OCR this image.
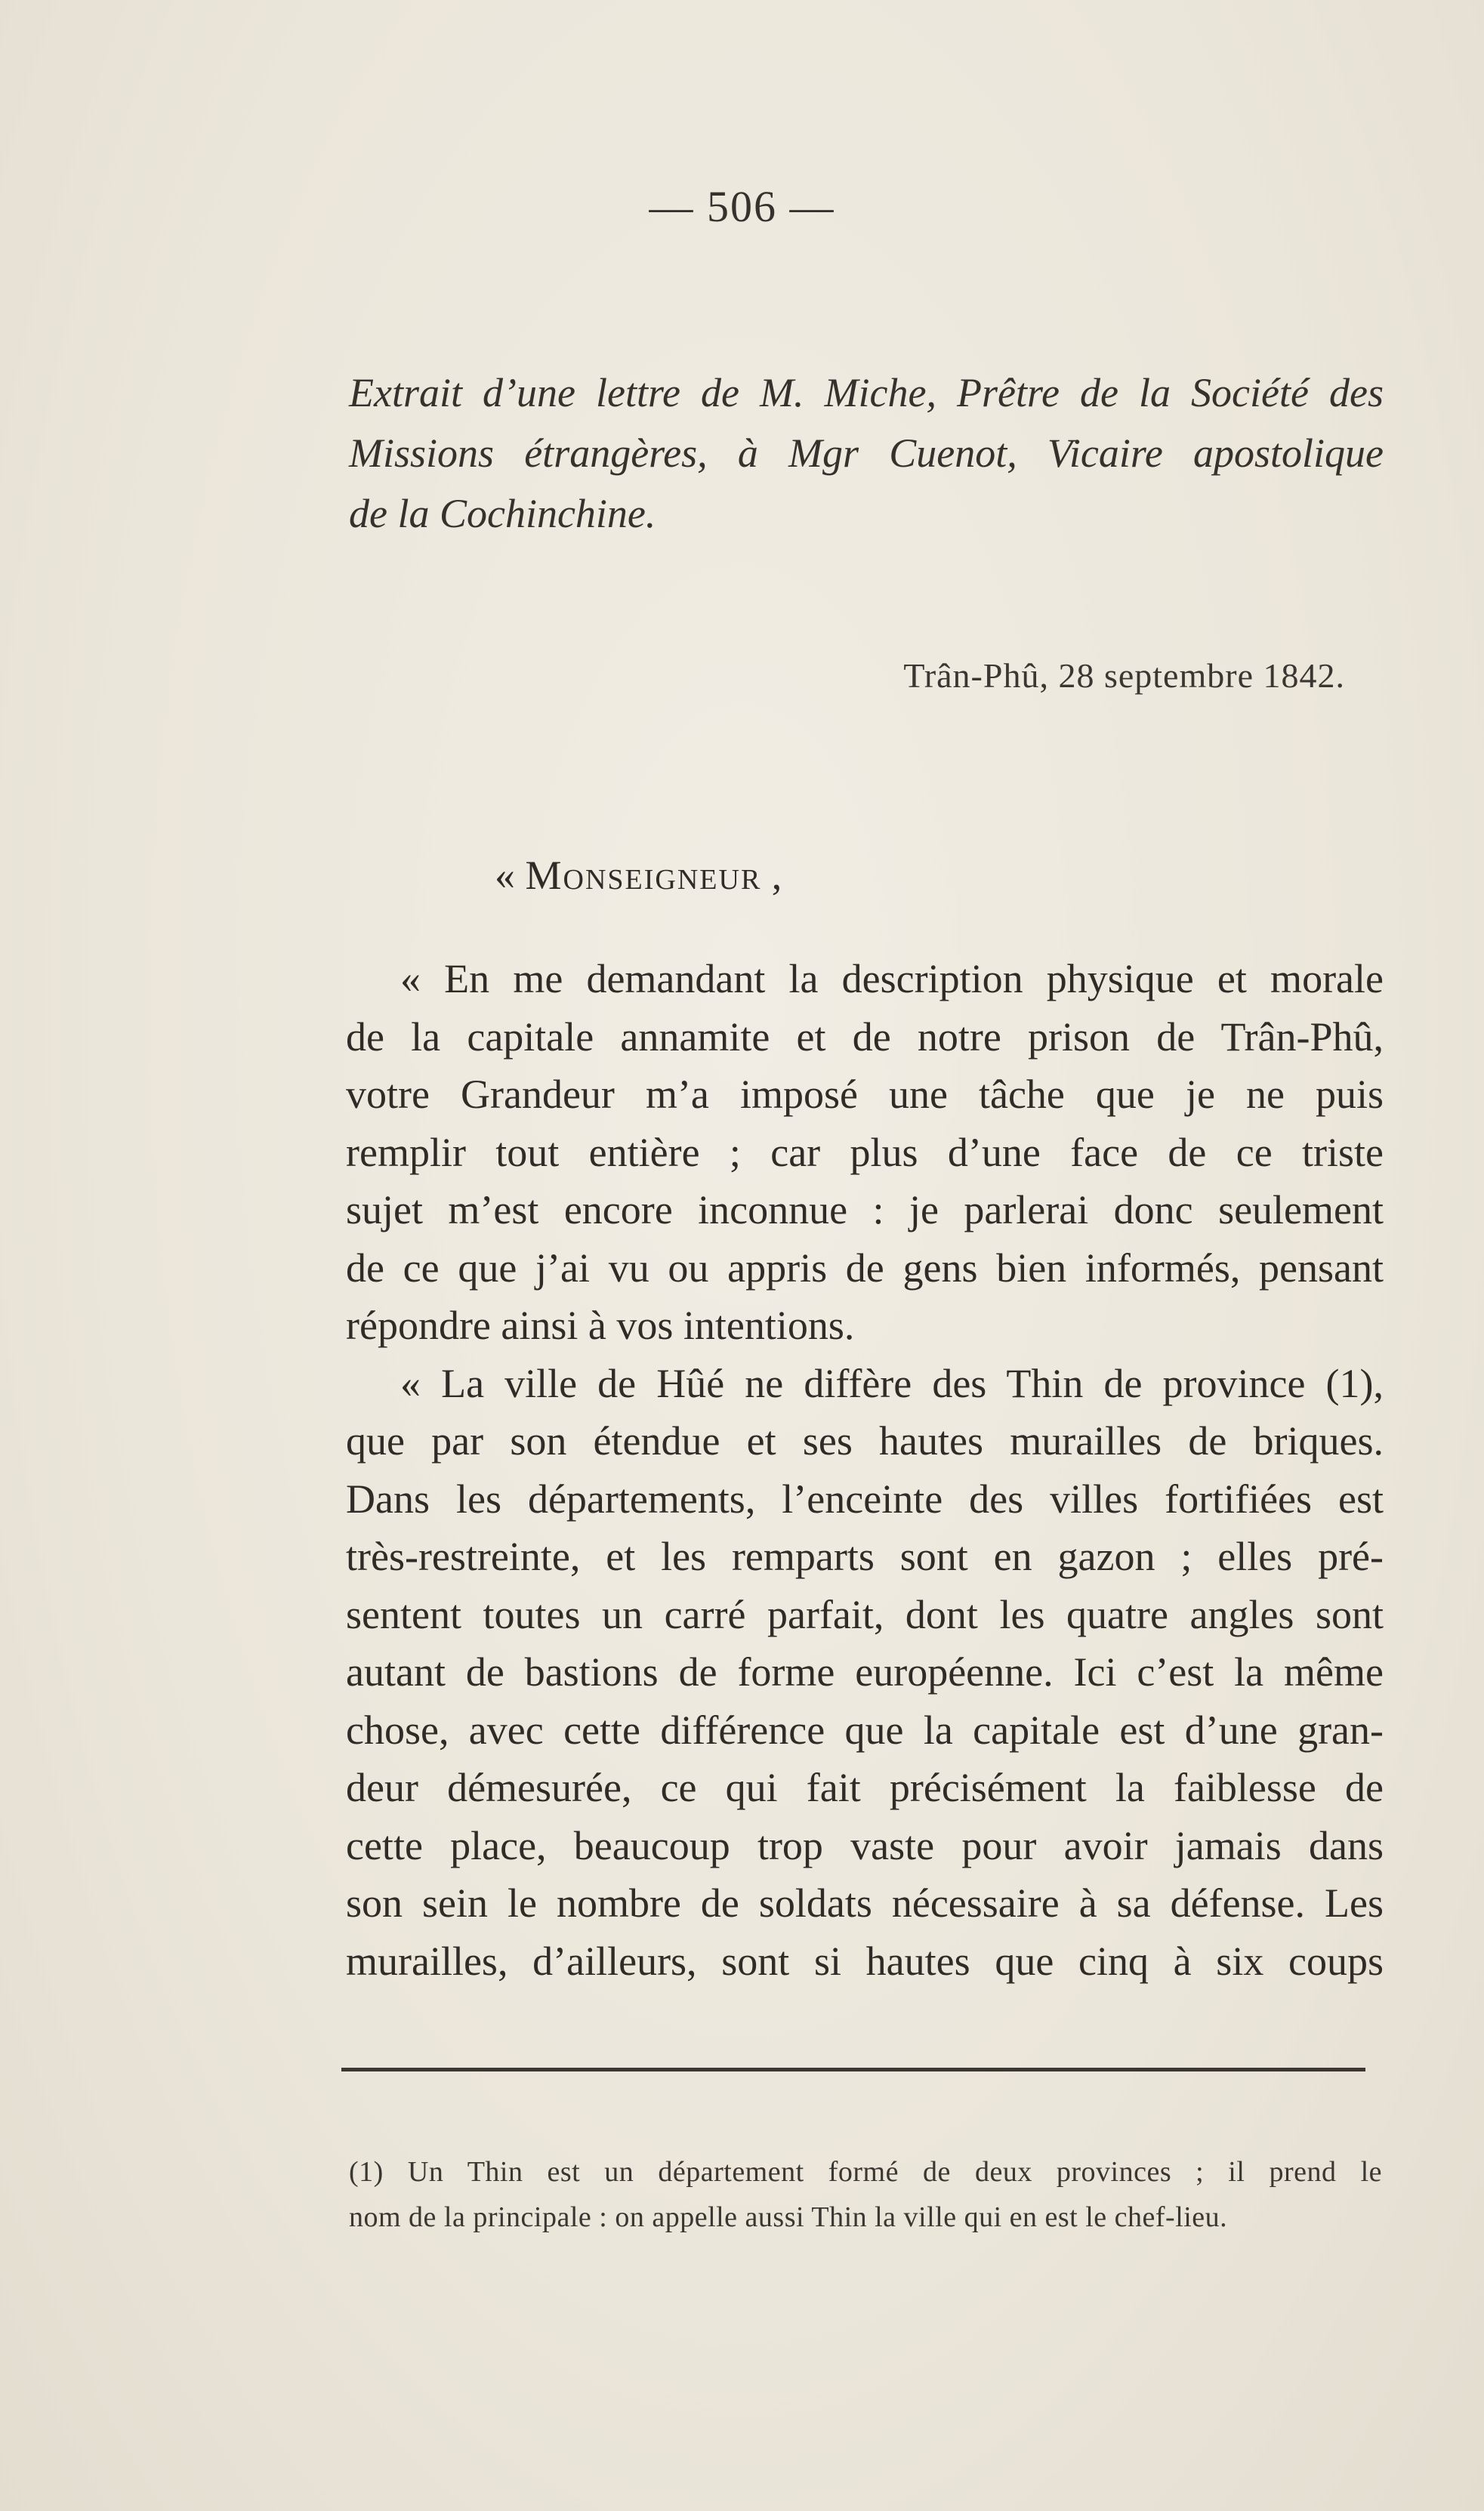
— 506 —
Extrait d’une lettre de M. Miche, Prêtre de la Société des
Missions étrangères, à Mgr Cuenot, Vicaire apostolique
de la Cochinchine.
Trân-Phû, 28 septembre 1842.
« Monseigneur ,
« En me demandant la description physique et morale
de la capitale annamite et de notre prison de Trân-Phû,
votre Grandeur m’a imposé une tâche que je ne puis
remplir tout entière ; car plus d’une face de ce triste
sujet m’est encore inconnue : je parlerai donc seulement
de ce que j’ai vu ou appris de gens bien informés, pensant
répondre ainsi à vos intentions.
« La ville de Hûé ne diffère des Thin de province (1),
que par son étendue et ses hautes murailles de briques.
Dans les départements, l’enceinte des villes fortifiées est
très-restreinte, et les remparts sont en gazon ; elles pré-
sentent toutes un carré parfait, dont les quatre angles sont
autant de bastions de forme européenne. Ici c’est la même
chose, avec cette différence que la capitale est d’une gran-
deur démesurée, ce qui fait précisément la faiblesse de
cette place, beaucoup trop vaste pour avoir jamais dans
son sein le nombre de soldats nécessaire à sa défense. Les
murailles, d’ailleurs, sont si hautes que cinq à six coups
(1) Un Thin est un département formé de deux provinces ; il prend le
nom de la principale : on appelle aussi Thin la ville qui en est le chef-lieu.
